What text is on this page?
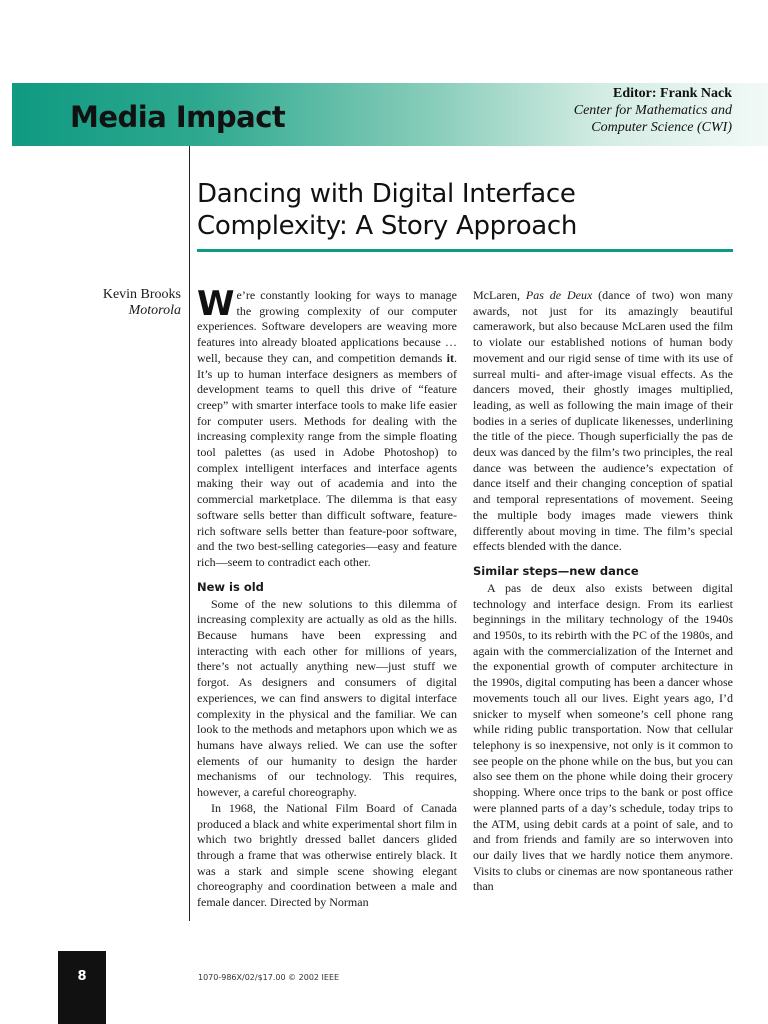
Media Impact
Editor: Frank Nack
Center for Mathematics and
Computer Science (CWI)
Dancing with Digital Interface
Complexity: A Story Approach
Kevin Brooks
Motorola We’re constantly looking for ways to manage the growing complexity of our computer experiences. Software developers are weaving more features into already bloated applications because … well, because they can, and competition demands it. It’s up to human interface designers as members of development teams to quell this drive of “feature creep” with smarter interface tools to make life easier for computer users. Methods for dealing with the increasing complexity range from the simple floating tool palettes (as used in Adobe Photoshop) to complex intelligent interfaces and interface agents making their way out of academia and into the commercial marketplace. The dilemma is that easy software sells better than difficult software, feature-rich software sells better than feature-poor software, and the two best-selling categories—easy and feature rich—seem to contradict each other.

New is old

Some of the new solutions to this dilemma of increasing complexity are actually as old as the hills. Because humans have been expressing and interacting with each other for millions of years, there’s not actually anything new—just stuff we forgot. As designers and consumers of digital experiences, we can find answers to digital interface complexity in the physical and the familiar. We can look to the methods and metaphors upon which we as humans have always relied. We can use the softer elements of our humanity to design the harder mechanisms of our technology. This requires, however, a careful choreography.

In 1968, the National Film Board of Canada produced a black and white experimental short film in which two brightly dressed ballet dancers glided through a frame that was otherwise entirely black. It was a stark and simple scene showing elegant choreography and coordination between a male and female dancer. Directed by Norman

McLaren, Pas de Deux (dance of two) won many awards, not just for its amazingly beautiful camerawork, but also because McLaren used the film to violate our established notions of human body movement and our rigid sense of time with its use of surreal multi- and after-image visual effects. As the dancers moved, their ghostly images multiplied, leading, as well as following the main image of their bodies in a series of duplicate likenesses, underlining the title of the piece. Though superficially the pas de deux was danced by the film’s two principles, the real dance was between the audience’s expectation of dance itself and their changing conception of spatial and temporal representations of movement. Seeing the multiple body images made viewers think differently about moving in time. The film’s special effects blended with the dance.

Similar steps—new dance

A pas de deux also exists between digital technology and interface design. From its earliest beginnings in the military technology of the 1940s and 1950s, to its rebirth with the PC of the 1980s, and again with the commercialization of the Internet and the exponential growth of computer architecture in the 1990s, digital computing has been a dancer whose movements touch all our lives. Eight years ago, I’d snicker to myself when someone’s cell phone rang while riding public transportation. Now that cellular telephony is so inexpensive, not only is it common to see people on the phone while on the bus, but you can also see them on the phone while doing their grocery shopping. Where once trips to the bank or post office were planned parts of a day’s schedule, today trips to the ATM, using debit cards at a point of sale, and to and from friends and family are so interwoven into our daily lives that we hardly notice them anymore. Visits to clubs or cinemas are now spontaneous rather than

8	1070-986X/02/$17.00 © 2002 IEEE
